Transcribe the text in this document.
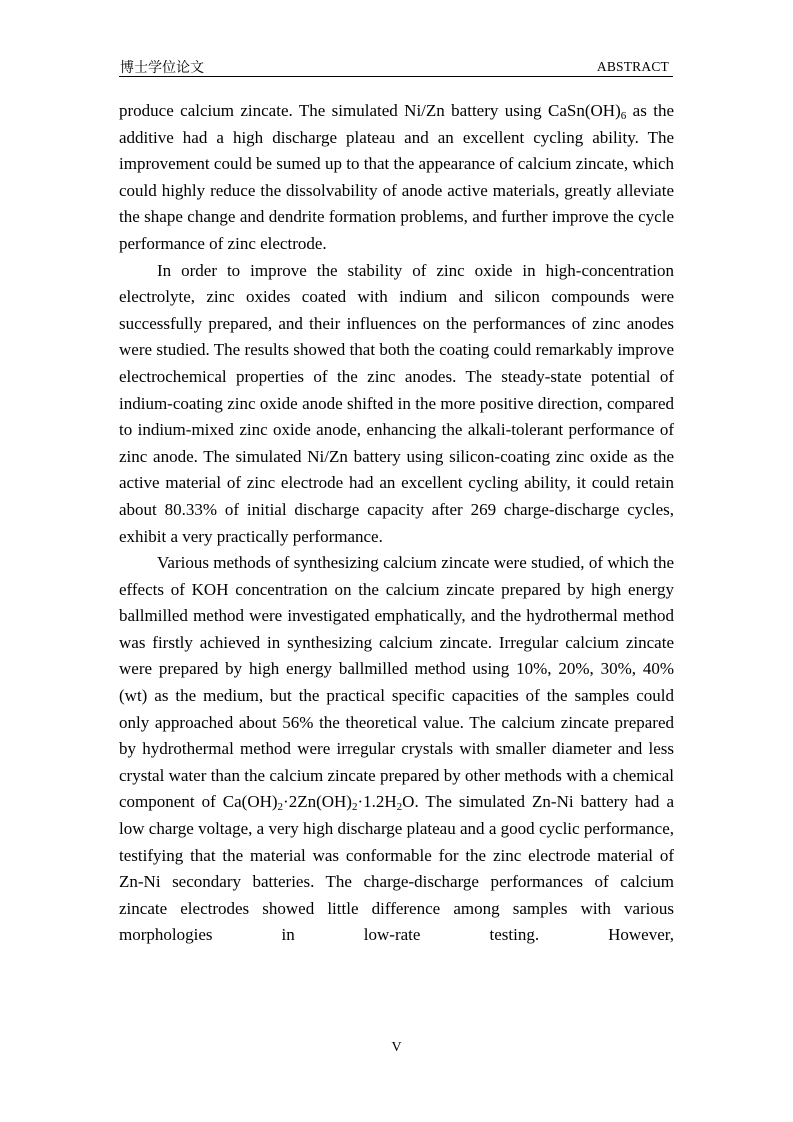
博士学位论文	ABSTRACT

produce calcium zincate. The simulated Ni/Zn battery using $CaSn(OH)_6$ as the additive had a high discharge plateau and an excellent cycling ability. The improvement could be sumed up to that the appearance of calcium zincate, which could highly reduce the dissolvability of anode active materials, greatly alleviate the shape change and dendrite formation problems, and further improve the cycle performance of zinc electrode.

In order to improve the stability of zinc oxide in high-concentration electrolyte, zinc oxides coated with indium and silicon compounds were successfully prepared, and their influences on the performances of zinc anodes were studied. The results showed that both the coating could remarkably improve electrochemical properties of the zinc anodes. The steady-state potential of indium-coating zinc oxide anode shifted in the more positive direction, compared to indium-mixed zinc oxide anode, enhancing the alkali-tolerant performance of zinc anode. The simulated Ni/Zn battery using silicon-coating zinc oxide as the active material of zinc electrode had an excellent cycling ability, it could retain about 80.33% of initial discharge capacity after 269 charge-discharge cycles, exhibit a very practically performance.

Various methods of synthesizing calcium zincate were studied, of which the effects of KOH concentration on the calcium zincate prepared by high energy ballmilled method were investigated emphatically, and the hydrothermal method was firstly achieved in synthesizing calcium zincate. Irregular calcium zincate were prepared by high energy ballmilled method using 10%, 20%, 30%, 40% (wt) as the medium, but the practical specific capacities of the samples could only approached about 56% the theoretical value. The calcium zincate prepared by hydrothermal method were irregular crystals with smaller diameter and less crystal water than the calcium zincate prepared by other methods with a chemical component of $Ca(OH)_2\cdot 2Zn(OH)_2\cdot 1.2H_2O$. The simulated Zn-Ni battery had a low charge voltage, a very high discharge plateau and a good cyclic performance, testifying that the material was conformable for the zinc electrode material of Zn-Ni secondary batteries. The charge-discharge performances of calcium zincate electrodes showed little difference among samples with various morphologies in low-rate testing. However,

V
